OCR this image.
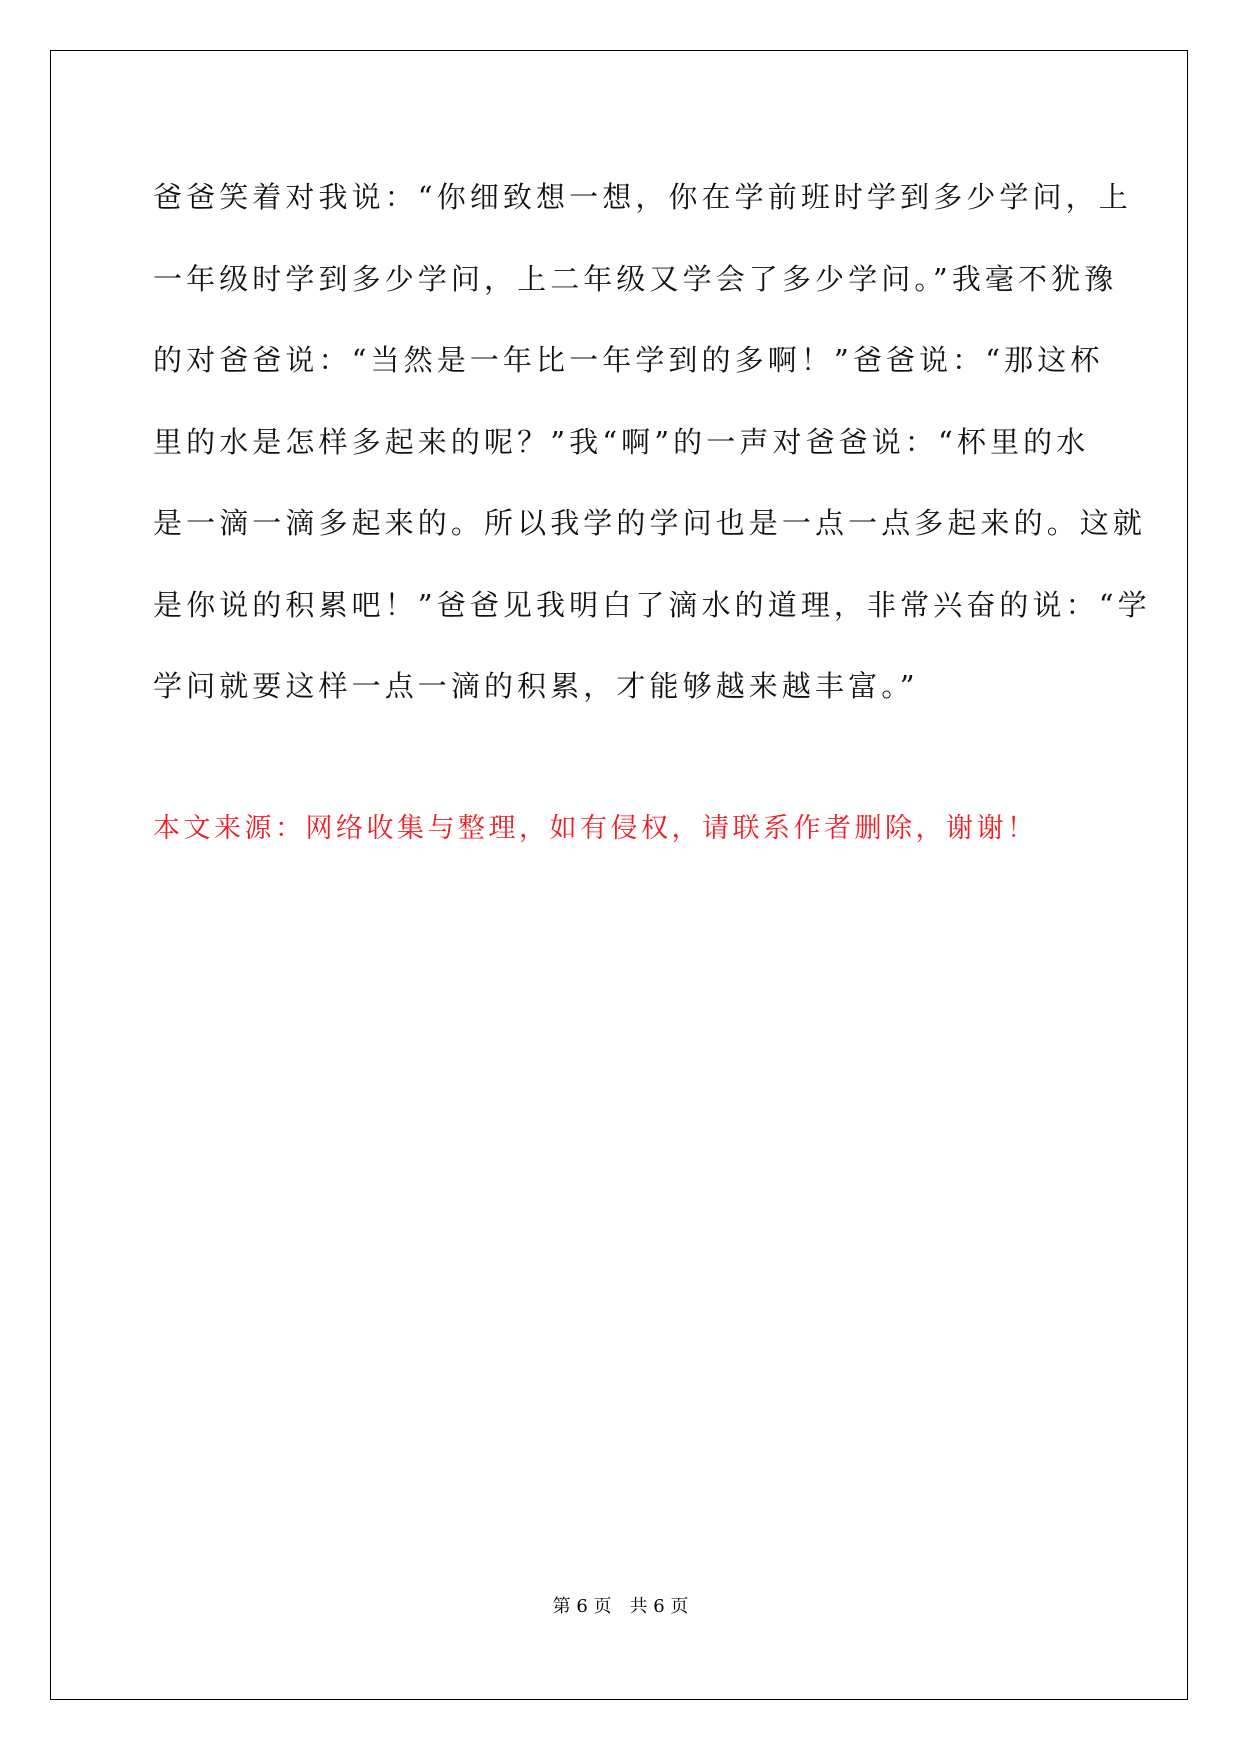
爸爸笑着对我说：“你细致想一想，你在学前班时学到多少学问，上
一年级时学到多少学问，上二年级又学会了多少学问。”我毫不犹豫
的对爸爸说：“当然是一年比一年学到的多啊！”爸爸说：“那这杯
里的水是怎样多起来的呢？”我“啊”的一声对爸爸说：“杯里的水
是一滴一滴多起来的。所以我学的学问也是一点一点多起来的。这就
是你说的积累吧！”爸爸见我明白了滴水的道理，非常兴奋的说：“学
学问就要这样一点一滴的积累，才能够越来越丰富。”
本文来源：网络收集与整理，如有侵权，请联系作者删除，谢谢！
第 6 页　共 6 页
